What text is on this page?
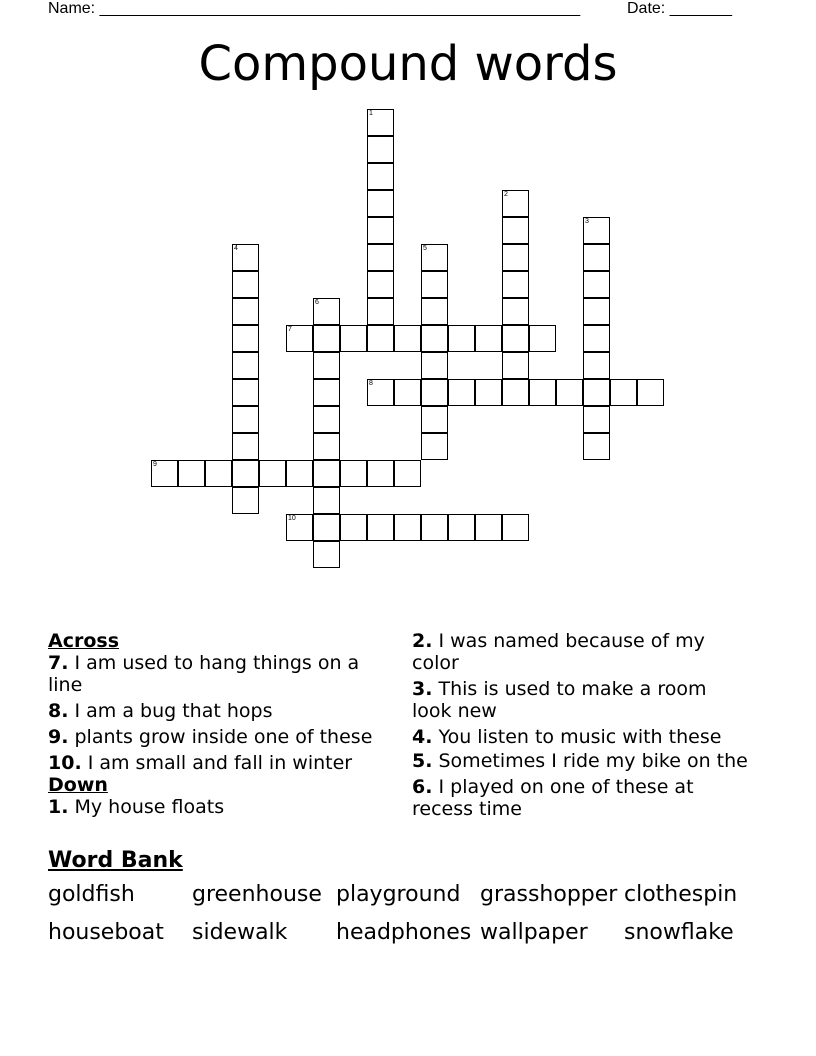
Name: ______________________________________________________	Date: _______
Compound words
1
2
3
4	5
6
7
8
9
10
Across
7. I am used to hang things on a line
8. I am a bug that hops
9. plants grow inside one of these
10. I am small and fall in winter
Down
1. My house floats
2. I was named because of my color
3. This is used to make a room look new
4. You listen to music with these
5. Sometimes I ride my bike on the
6. I played on one of these at recess time
Word Bank
goldfish	greenhouse playground grasshopper clothespin
houseboat	sidewalk	headphones wallpaper	snowflake
